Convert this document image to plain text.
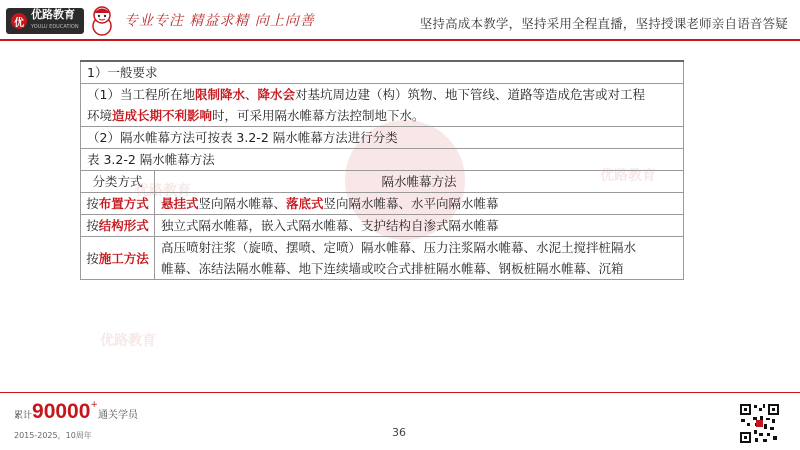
优
优路教育
YOULU EDUCATION	专业专注 精益求精 向上向善	坚持高成本教学，坚持采用全程直播，坚持授课老师亲自语音答疑
优路教育
优路教育
优路教育
1）一般要求	
（1）当工程所在地限制降水、降水会对基坑周边建（构）筑物、地下管线、道路等造成危害或对工程
环境造成长期不利影响时，可采用隔水帷幕方法控制地下水。	
（2）隔水帷幕方法可按表 3.2-2 隔水帷幕方法进行分类	
表 3.2-2 隔水帷幕方法	
分类方式	隔水帷幕方法
按布置方式	悬挂式竖向隔水帷幕、落底式竖向隔水帷幕、水平向隔水帷幕
按结构形式	独立式隔水帷幕，嵌入式隔水帷幕、支护结构自渗式隔水帷幕
按施工方法	高压喷射注浆（旋喷、摆喷、定喷）隔水帷幕、压力注浆隔水帷幕、水泥土搅拌桩隔水
帷幕、冻结法隔水帷幕、地下连续墙或咬合式排桩隔水帷幕、钢板桩隔水帷幕、沉箱
累计90000+通关学员
2015-2025，10周年	36
